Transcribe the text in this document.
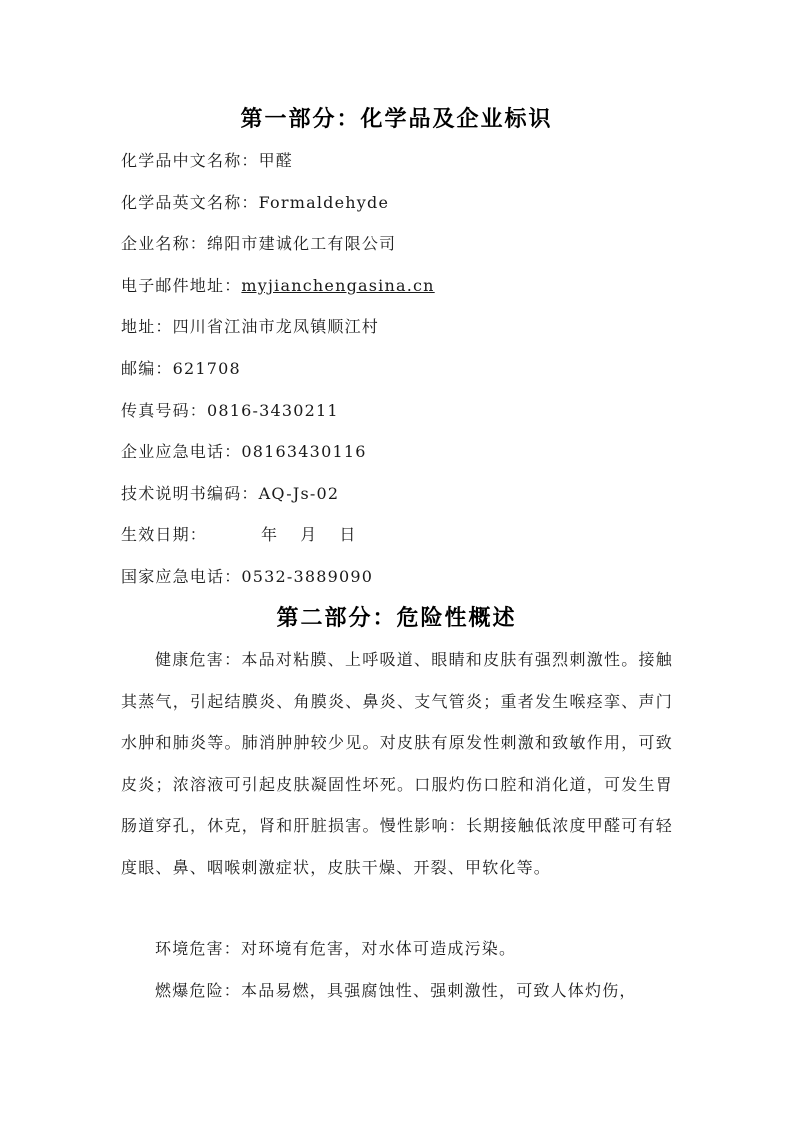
第一部分：化学品及企业标识
化学品中文名称：甲醛
化学品英文名称：Formaldehyde
企业名称：绵阳市建诚化工有限公司
电子邮件地址：myjianchengasina.cn
地址：四川省江油市龙凤镇顺江村
邮编：621708
传真号码：0816-3430211
企业应急电话：08163430116
技术说明书编码：AQ-Js-02
生效日期：	年 月 日
国家应急电话：0532-3889090
第二部分：危险性概述
健康危害：本品对粘膜、上呼吸道、眼睛和皮肤有强烈刺激性。接触其蒸气，引起结膜炎、角膜炎、鼻炎、支气管炎；重者发生喉痉挛、声门水肿和肺炎等。肺消肿肿较少见。对皮肤有原发性刺激和致敏作用，可致皮炎；浓溶液可引起皮肤凝固性坏死。口服灼伤口腔和消化道，可发生胃肠道穿孔，休克，肾和肝脏损害。慢性影响：长期接触低浓度甲醛可有轻度眼、鼻、咽喉刺激症状，皮肤干燥、开裂、甲软化等。
环境危害：对环境有危害，对水体可造成污染。
燃爆危险：本品易燃，具强腐蚀性、强刺激性，可致人体灼伤，
